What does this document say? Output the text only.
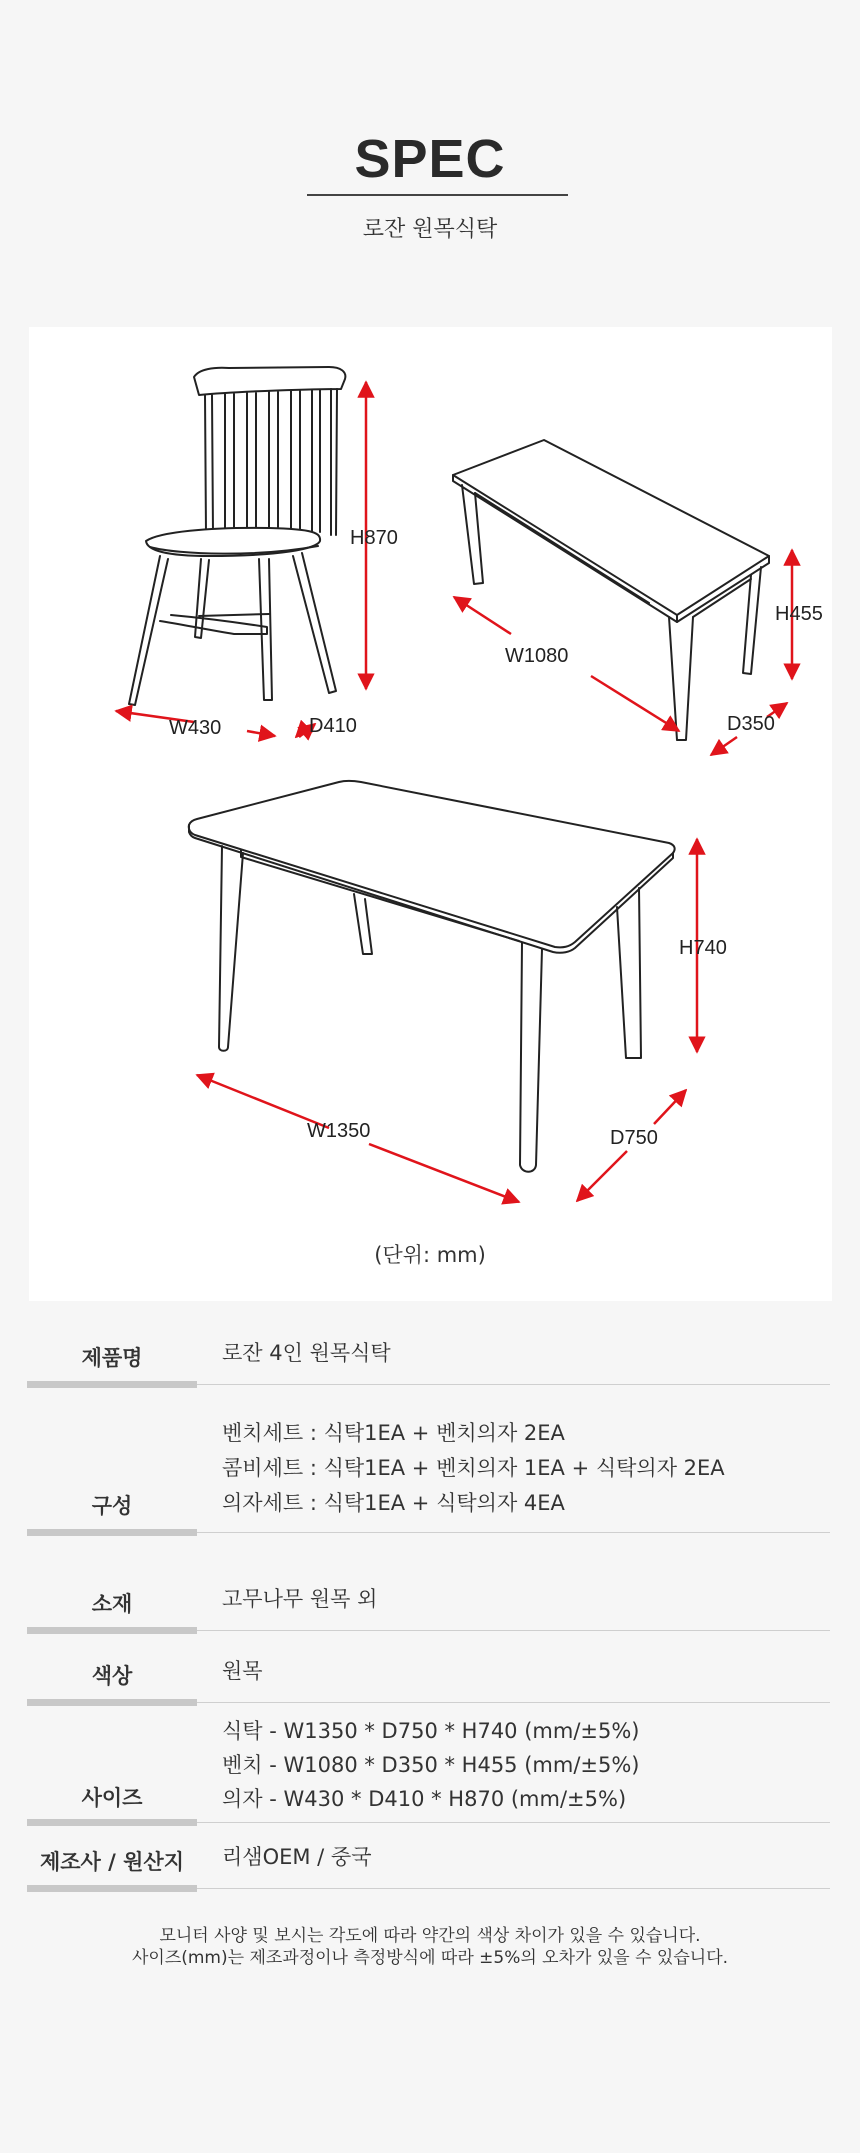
SPEC
로잔 원목식탁
H870
W430	D410
W1080
H455
D350
H740
W1350	D750
(단위: mm)
제품명	로잔 4인 원목식탁
구성
벤치세트 : 식탁1EA + 벤치의자 2EA
콤비세트 : 식탁1EA + 벤치의자 1EA + 식탁의자 2EA
의자세트 : 식탁1EA + 식탁의자 4EA
소재	고무나무 원목 외
색상	원목
사이즈
식탁 - W1350 * D750 * H740 (mm/±5%)
벤치 - W1080 * D350 * H455 (mm/±5%)
의자 - W430 * D410 * H870 (mm/±5%)
제조사 / 원산지	리샘OEM / 중국
모니터 사양 및 보시는 각도에 따라 약간의 색상 차이가 있을 수 있습니다.
사이즈(mm)는 제조과정이나 측정방식에 따라 ±5%의 오차가 있을 수 있습니다.
